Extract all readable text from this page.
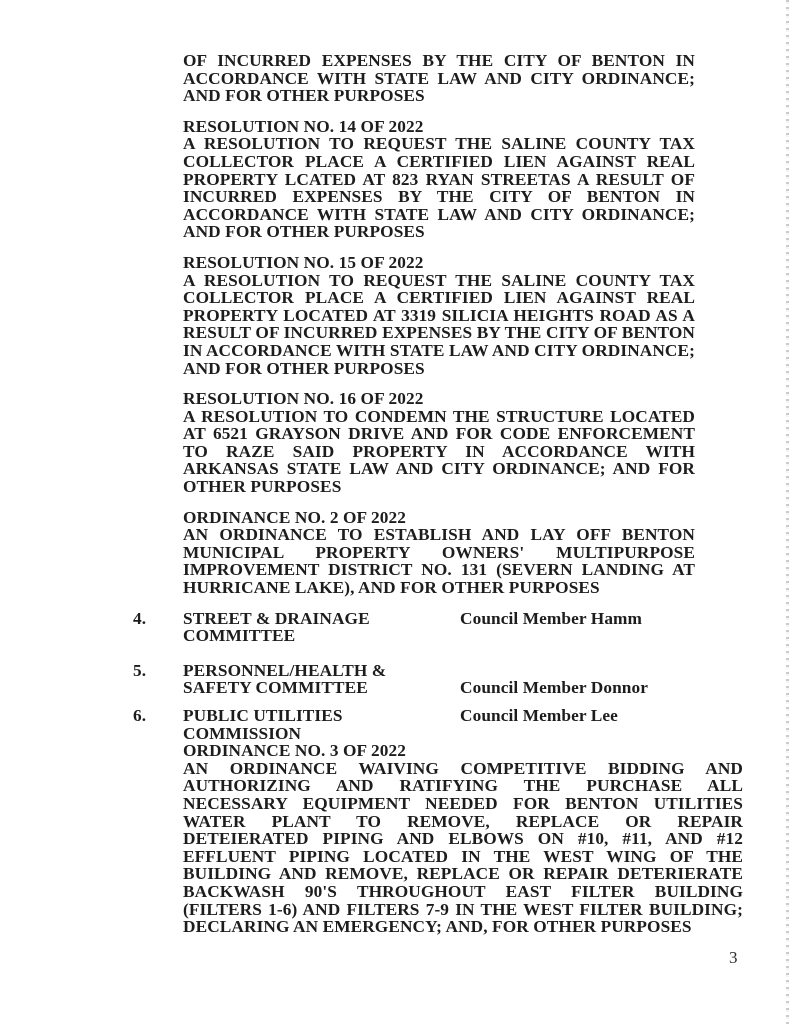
OF INCURRED EXPENSES BY THE CITY OF BENTON IN ACCORDANCE WITH STATE LAW AND CITY ORDINANCE; AND FOR OTHER PURPOSES

RESOLUTION NO. 14 OF 2022

A RESOLUTION TO REQUEST THE SALINE COUNTY TAX COLLECTOR PLACE A CERTIFIED LIEN AGAINST REAL PROPERTY LCATED AT 823 RYAN STREETAS A RESULT OF INCURRED EXPENSES BY THE CITY OF BENTON IN ACCORDANCE WITH STATE LAW AND CITY ORDINANCE; AND FOR OTHER PURPOSES

RESOLUTION NO. 15 OF 2022

A RESOLUTION TO REQUEST THE SALINE COUNTY TAX COLLECTOR PLACE A CERTIFIED LIEN AGAINST REAL PROPERTY LOCATED AT 3319 SILICIA HEIGHTS ROAD AS A RESULT OF INCURRED EXPENSES BY THE CITY OF BENTON IN ACCORDANCE WITH STATE LAW AND CITY ORDINANCE; AND FOR OTHER PURPOSES

RESOLUTION NO. 16 OF 2022

A RESOLUTION TO CONDEMN THE STRUCTURE LOCATED AT 6521 GRAYSON DRIVE AND FOR CODE ENFORCEMENT TO RAZE SAID PROPERTY IN ACCORDANCE WITH ARKANSAS STATE LAW AND CITY ORDINANCE; AND FOR OTHER PURPOSES

ORDINANCE NO. 2 OF 2022

AN ORDINANCE TO ESTABLISH AND LAY OFF BENTON MUNICIPAL PROPERTY OWNERS' MULTIPURPOSE IMPROVEMENT DISTRICT NO. 131 (SEVERN LANDING AT HURRICANE LAKE), AND FOR OTHER PURPOSES

4. STREET & DRAINAGE COMMITTEE
Council Member Hamm
5. PERSONNEL/HEALTH &
SAFETY COMMITTEE	Council Member Donnor
6. PUBLIC UTILITIES COMMISSION
Council Member Lee

ORDINANCE NO. 3 OF 2022

AN ORDINANCE WAIVING COMPETITIVE BIDDING AND AUTHORIZING AND RATIFYING THE PURCHASE ALL NECESSARY EQUIPMENT NEEDED FOR BENTON UTILITIES WATER PLANT TO REMOVE, REPLACE OR REPAIR DETEIERATED PIPING AND ELBOWS ON #10, #11, AND #12 EFFLUENT PIPING LOCATED IN THE WEST WING OF THE BUILDING AND REMOVE, REPLACE OR REPAIR DETERIERATE BACKWASH 90'S THROUGHOUT EAST FILTER BUILDING (FILTERS 1-6) AND FILTERS 7-9 IN THE WEST FILTER BUILDING; DECLARING AN EMERGENCY; AND, FOR OTHER PURPOSES

3
